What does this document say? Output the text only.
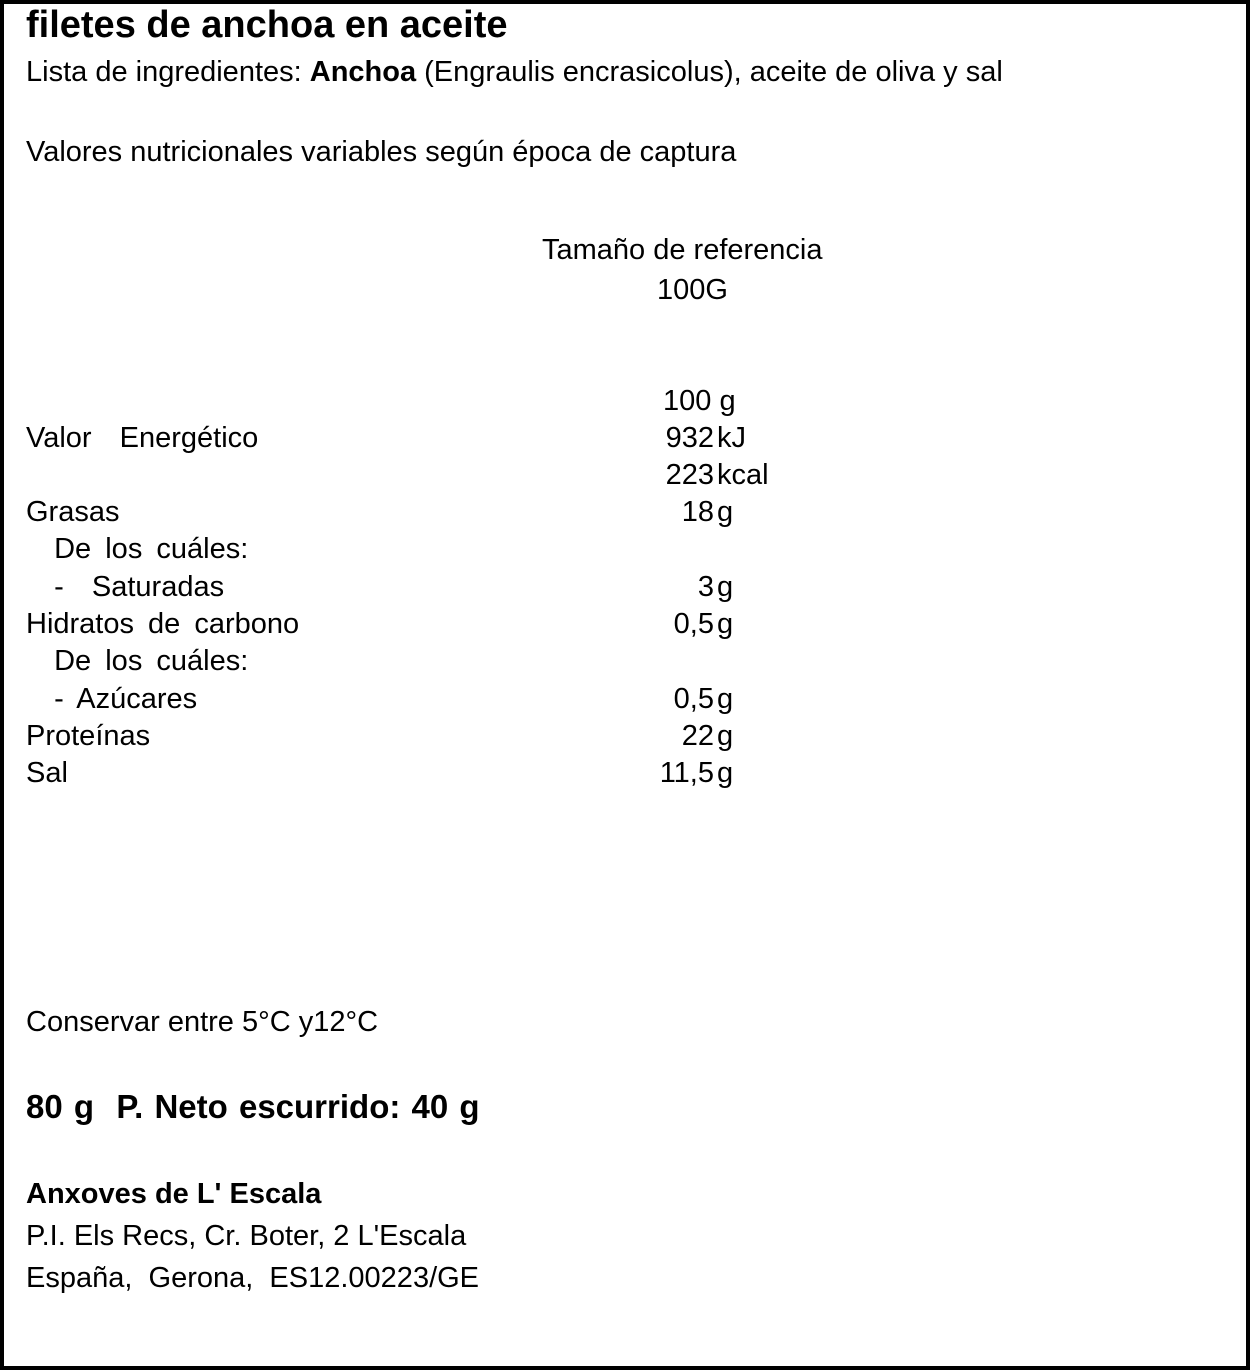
filetes de anchoa en aceite
Lista de ingredientes: Anchoa (Engraulis encrasicolus), aceite de oliva y sal
Valores nutricionales variables según época de captura
Tamaño de referencia
100G
100 g
Valor  Energético	932 kJ
223 kcal
Grasas	18 g
De los cuáles:
-  Saturadas	3 g
Hidratos de carbono	0,5 g
De los cuáles:
- Azúcares	0,5 g
Proteínas	22 g
Sal	11,5 g
Conservar entre 5°C y12°C
80 g  P. Neto escurrido: 40 g
Anxoves de L' Escala
P.I. Els Recs, Cr. Boter, 2 L'Escala
España,  Gerona,  ES12.00223/GE
